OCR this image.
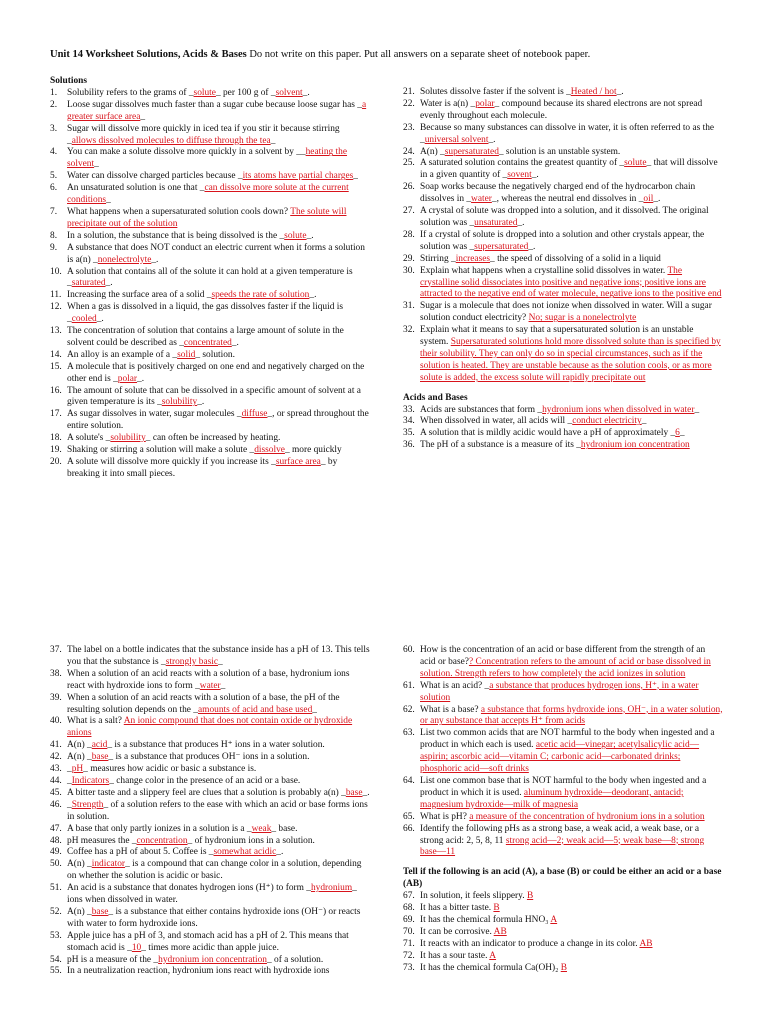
Unit 14 Worksheet Solutions, Acids & Bases Do not write on this paper. Put all answers on a separate sheet of notebook paper.

Solutions

1. Solubility refers to the grams of _solute_ per 100 g of _solvent_.

2. Loose sugar dissolves much faster than a sugar cube because loose sugar has _a greater surface area_

3. Sugar will dissolve more quickly in iced tea if you stir it because stirring _allows dissolved molecules to diffuse through the tea_

4. You can make a solute dissolve more quickly in a solvent by __heating the solvent_

5. Water can dissolve charged particles because _its atoms have partial charges_

6. An unsaturated solution is one that _can dissolve more solute at the current conditions_

7. What happens when a supersaturated solution cools down? The solute will precipitate out of the solution

8. In a solution, the substance that is being dissolved is the _solute_.

9. A substance that does NOT conduct an electric current when it forms a solution is a(n) _nonelectrolyte_.

10. A solution that contains all of the solute it can hold at a given temperature is _saturated_.

11. Increasing the surface area of a solid _speeds the rate of solution_.

12. When a gas is dissolved in a liquid, the gas dissolves faster if the liquid is _cooled_.

13. The concentration of solution that contains a large amount of solute in the solvent could be described as _concentrated_.

14. An alloy is an example of a _solid_ solution.

15. A molecule that is positively charged on one end and negatively charged on the other end is _polar_.

16. The amount of solute that can be dissolved in a specific amount of solvent at a given temperature is its _solubility_.

17. As sugar dissolves in water, sugar molecules _diffuse_, or spread throughout the entire solution.

18. A solute's _solubility_ can often be increased by heating.

19. Shaking or stirring a solution will make a solute _dissolve_ more quickly

20. A solute will dissolve more quickly if you increase its _surface area_ by breaking it into small pieces.

21. Solutes dissolve faster if the solvent is _Heated / hot_.

22. Water is a(n) _polar_ compound because its shared electrons are not spread evenly throughout each molecule.

23. Because so many substances can dissolve in water, it is often referred to as the _universal solvent_.

24. A(n) _supersaturated_ solution is an unstable system.

25. A saturated solution contains the greatest quantity of _solute_ that will dissolve in a given quantity of _sovent_.

26. Soap works because the negatively charged end of the hydrocarbon chain dissolves in _water_, whereas the neutral end dissolves in _oil_.

27. A crystal of solute was dropped into a solution, and it dissolved. The original solution was _unsaturated_.

28. If a crystal of solute is dropped into a solution and other crystals appear, the solution was _supersaturated_.

29. Stirring _increases_ the speed of dissolving of a solid in a liquid

30. Explain what happens when a crystalline solid dissolves in water. The crystalline solid dissociates into positive and negative ions; positive ions are attracted to the negative end of water molecule, negative ions to the positive end

31. Sugar is a molecule that does not ionize when dissolved in water. Will a sugar solution conduct electricity? No; sugar is a nonelectrolyte

32. Explain what it means to say that a supersaturated solution is an unstable system. Supersaturated solutions hold more dissolved solute than is specified by their solubility. They can only do so in special circumstances, such as if the solution is heated. They are unstable because as the solution cools, or as more solute is added, the excess solute will rapidly precipitate out

Acids and Bases

33. Acids are substances that form _hydronium ions when dissolved in water_

34. When dissolved in water, all acids will _conduct electricity_

35. A solution that is mildly acidic would have a pH of approximately _6_

36. The pH of a substance is a measure of its _hydronium ion concentration

37. The label on a bottle indicates that the substance inside has a pH of 13. This tells you that the substance is _strongly basic_

38. When a solution of an acid reacts with a solution of a base, hydronium ions react with hydroxide ions to form _water_

39. When a solution of an acid reacts with a solution of a base, the pH of the resulting solution depends on the _amounts of acid and base used_

40. What is a salt? An ionic compound that does not contain oxide or hydroxide anions

41. A(n) _acid_ is a substance that produces H⁺ ions in a water solution.

42. A(n) _base_ is a substance that produces OH⁻ ions in a solution.

43. _pH_ measures how acidic or basic a substance is.

44. _Indicators_ change color in the presence of an acid or a base.

45. A bitter taste and a slippery feel are clues that a solution is probably a(n) _base_.

46. _Strength_ of a solution refers to the ease with which an acid or base forms ions in solution.

47. A base that only partly ionizes in a solution is a _weak_ base.

48. pH measures the _concentration_ of hydronium ions in a solution.

49. Coffee has a pH of about 5. Coffee is _somewhat acidic_.

50. A(n) _indicator_ is a compound that can change color in a solution, depending on whether the solution is acidic or basic.

51. An acid is a substance that donates hydrogen ions (H⁺) to form _hydronium_ ions when dissolved in water.

52. A(n) _base_ is a substance that either contains hydroxide ions (OH⁻) or reacts with water to form hydroxide ions.

53. Apple juice has a pH of 3, and stomach acid has a pH of 2. This means that stomach acid is _10_ times more acidic than apple juice.

54. pH is a measure of the _hydronium ion concentration_ of a solution.

55. In a neutralization reaction, hydronium ions react with hydroxide ions

60. How is the concentration of an acid or base different from the strength of an acid or base?? Concentration refers to the amount of acid or base dissolved in solution. Strength refers to how completely the acid ionizes in solution

61. What is an acid? _a substance that produces hydrogen ions, H⁺, in a water solution

62. What is a base? a substance that forms hydroxide ions, OH⁻, in a water solution, or any substance that accepts H⁺ from acids

63. List two common acids that are NOT harmful to the body when ingested and a product in which each is used. acetic acid—vinegar; acetylsalicylic acid—aspirin; ascorbic acid—vitamin C; carbonic acid—carbonated drinks; phosphoric acid—soft drinks

64. List one common base that is NOT harmful to the body when ingested and a product in which it is used. aluminum hydroxide—deodorant, antacid; magnesium hydroxide—milk of magnesia

65. What is pH? a measure of the concentration of hydronium ions in a solution

66. Identify the following pHs as a strong base, a weak acid, a weak base, or a strong acid: 2, 5, 8, 11 strong acid—2; weak acid—5; weak base—8; strong base—11

Tell if the following is an acid (A), a base (B) or could be either an acid or a base (AB)

67. In solution, it feels slippery. B

68. It has a bitter taste. B

69. It has the chemical formula HNO₃ A

70. It can be corrosive. AB

71. It reacts with an indicator to produce a change in its color. AB

72. It has a sour taste. A

73. It has the chemical formula Ca(OH)₂ B
